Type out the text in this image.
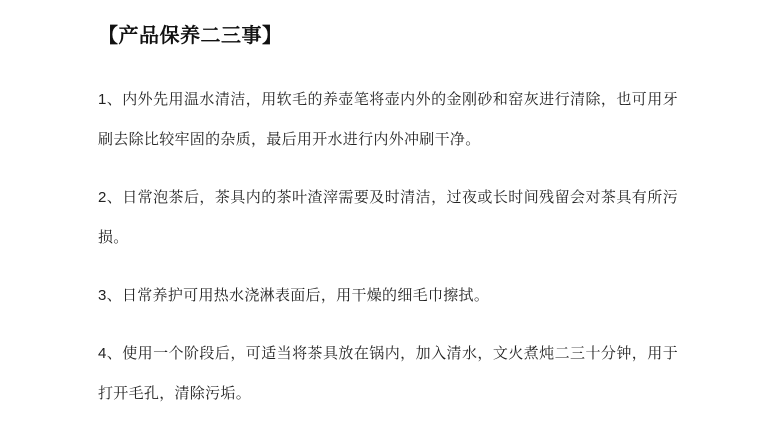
【产品保养二三事】

1、内外先用温水清洁，用软毛的养壶笔将壶内外的金刚砂和窑灰进行清除，也可用牙刷去除比较牢固的杂质，最后用开水进行内外冲刷干净。

2、日常泡茶后，茶具内的茶叶渣滓需要及时清洁，过夜或长时间残留会对茶具有所污损。

3、日常养护可用热水浇淋表面后，用干燥的细毛巾擦拭。

4、使用一个阶段后，可适当将茶具放在锅内，加入清水，文火煮炖二三十分钟，用于打开毛孔，清除污垢。
